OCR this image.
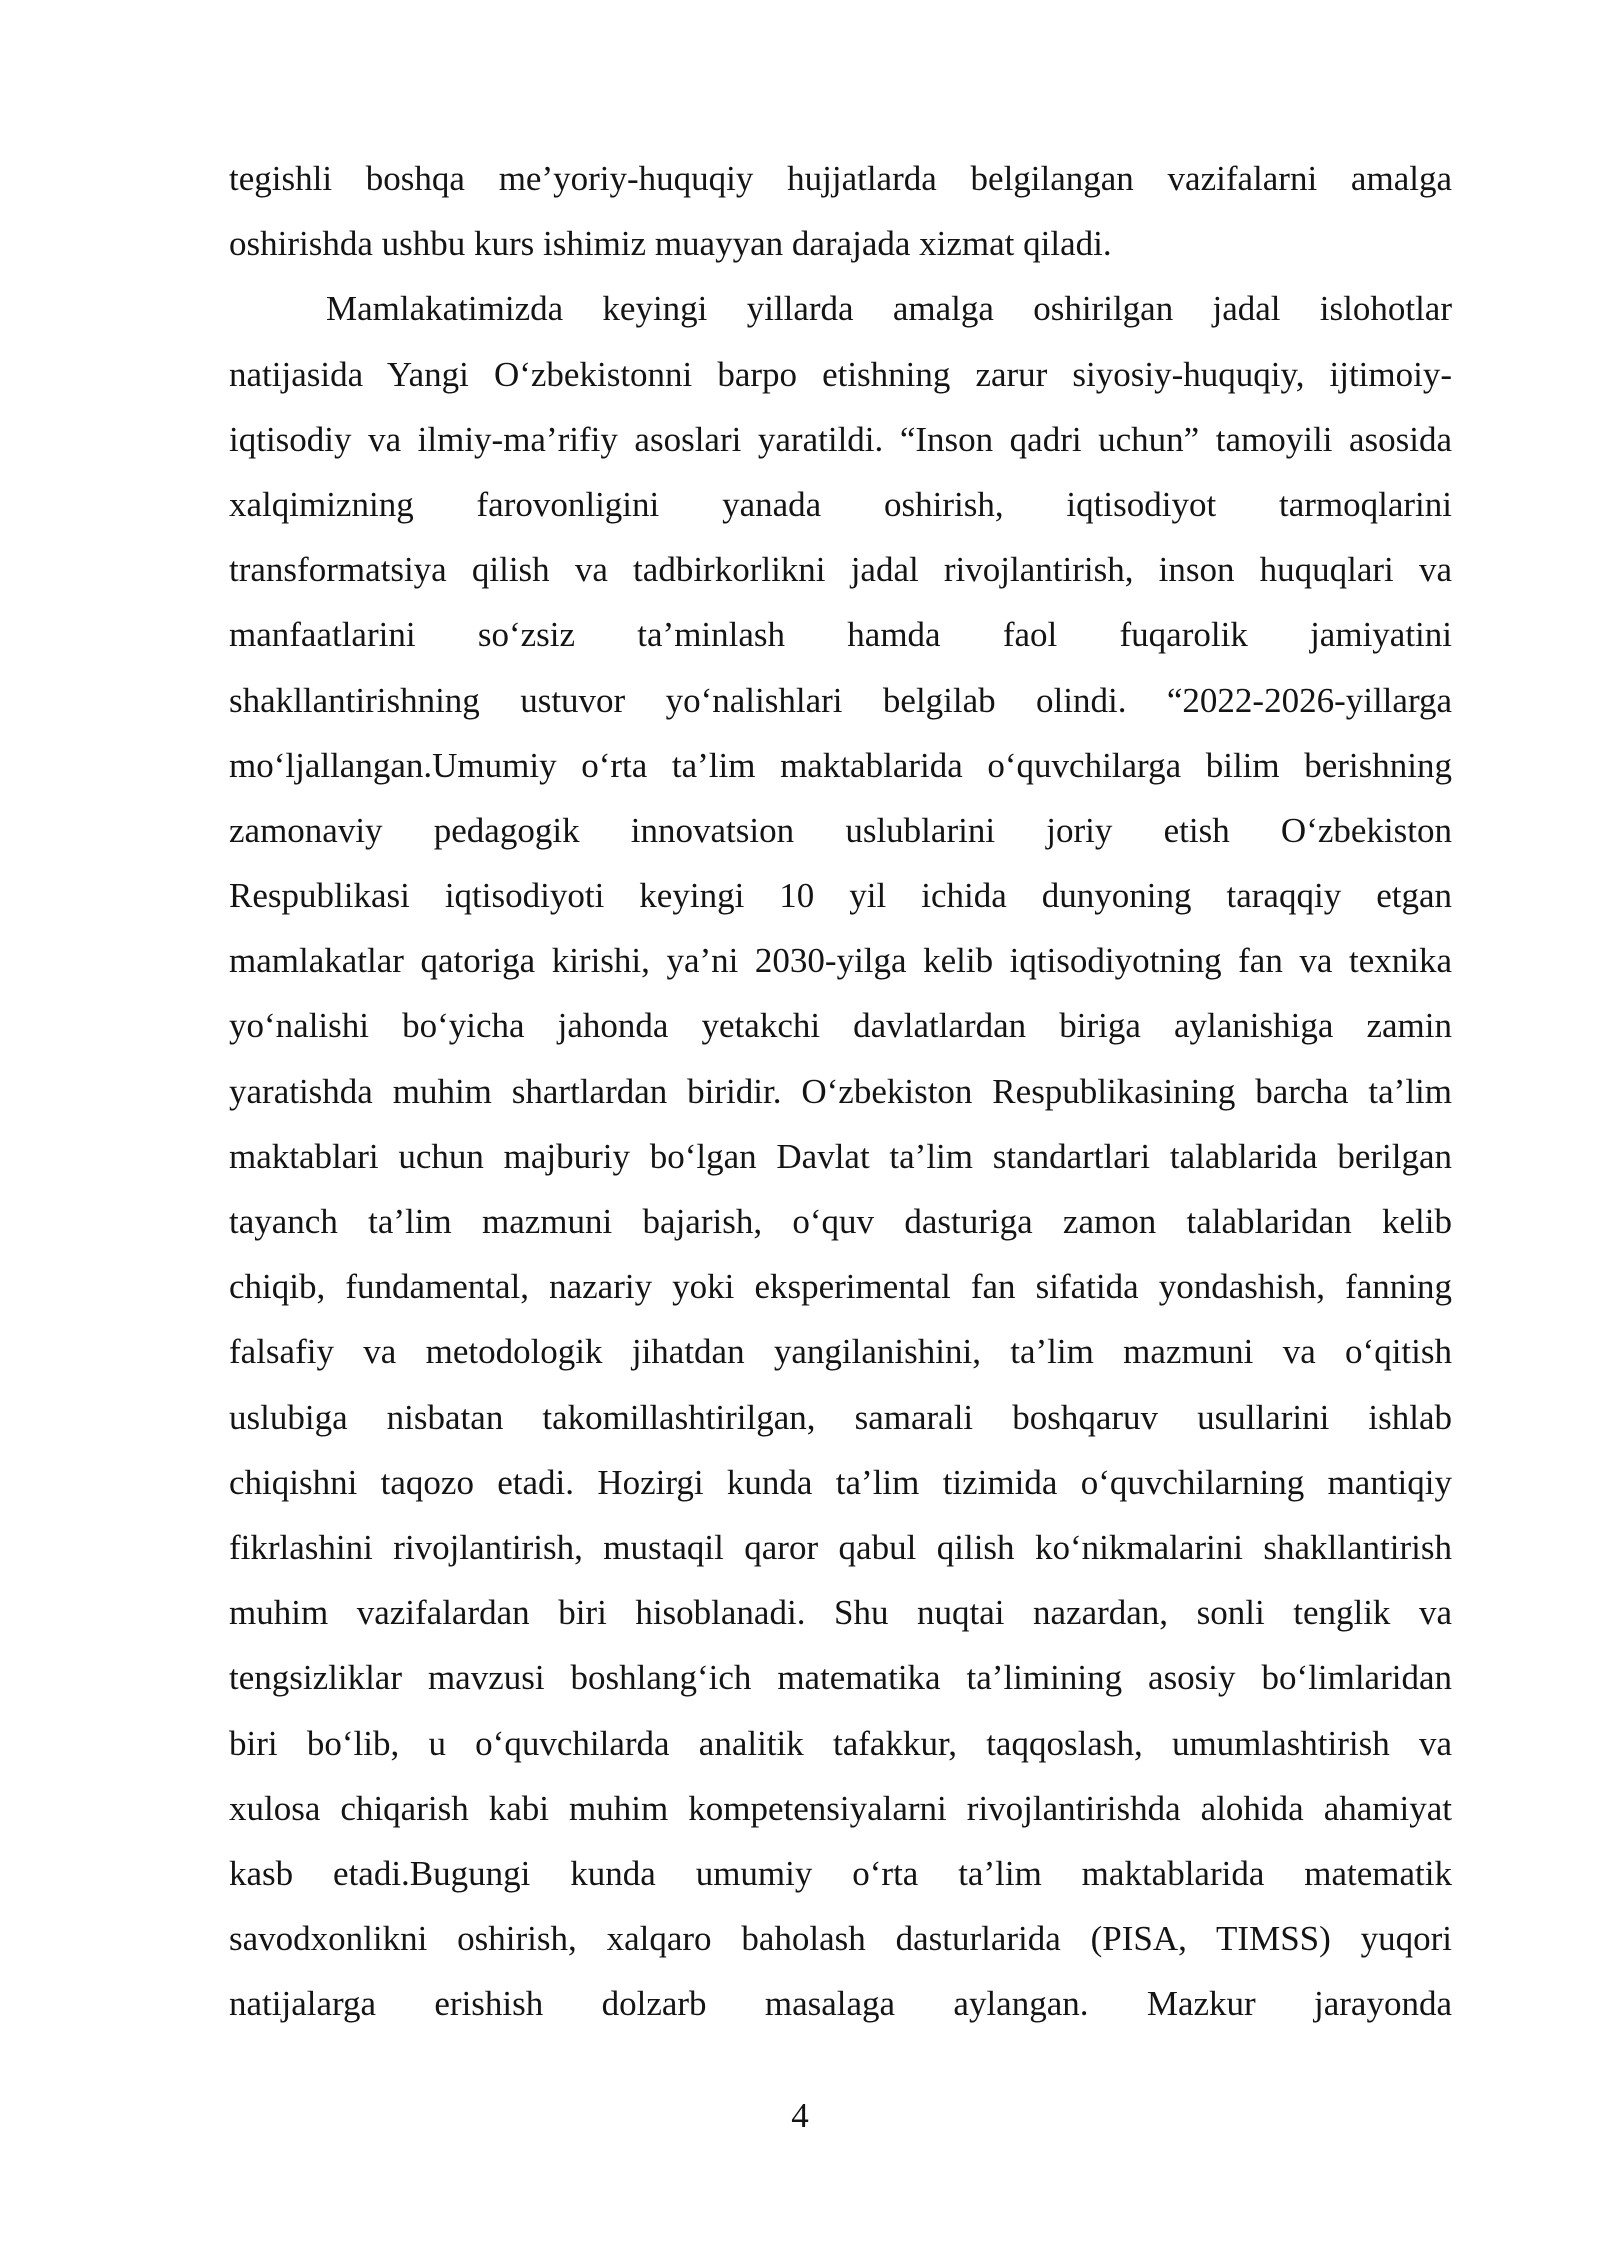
tegishli boshqa me’yoriy-huquqiy hujjatlarda belgilangan vazifalarni amalga
oshirishda ushbu kurs ishimiz muayyan darajada xizmat qiladi.
Mamlakatimizda keyingi yillarda amalga oshirilgan jadal islohotlar
natijasida Yangi O‘zbekistonni barpo etishning zarur siyosiy-huquqiy, ijtimoiy-
iqtisodiy va ilmiy-ma’rifiy asoslari yaratildi. “Inson qadri uchun” tamoyili asosida
xalqimizning farovonligini yanada oshirish, iqtisodiyot tarmoqlarini
transformatsiya qilish va tadbirkorlikni jadal rivojlantirish, inson huquqlari va
manfaatlarini so‘zsiz ta’minlash hamda faol fuqarolik jamiyatini
shakllantirishning ustuvor yo‘nalishlari belgilab olindi. “2022-2026-yillarga
mo‘ljallangan.Umumiy o‘rta ta’lim maktablarida o‘quvchilarga bilim berishning
zamonaviy pedagogik innovatsion uslublarini joriy etish O‘zbekiston
Respublikasi iqtisodiyoti keyingi 10 yil ichida dunyoning taraqqiy etgan
mamlakatlar qatoriga kirishi, ya’ni 2030-yilga kelib iqtisodiyotning fan va texnika
yo‘nalishi bo‘yicha jahonda yetakchi davlatlardan biriga aylanishiga zamin
yaratishda muhim shartlardan biridir. O‘zbekiston Respublikasining barcha ta’lim
maktablari uchun majburiy bo‘lgan Davlat ta’lim standartlari talablarida berilgan
tayanch ta’lim mazmuni bajarish, o‘quv dasturiga zamon talablaridan kelib
chiqib, fundamental, nazariy yoki eksperimental fan sifatida yondashish, fanning
falsafiy va metodologik jihatdan yangilanishini, ta’lim mazmuni va o‘qitish
uslubiga nisbatan takomillashtirilgan, samarali boshqaruv usullarini ishlab
chiqishni taqozo etadi. Hozirgi kunda ta’lim tizimida o‘quvchilarning mantiqiy
fikrlashini rivojlantirish, mustaqil qaror qabul qilish ko‘nikmalarini shakllantirish
muhim vazifalardan biri hisoblanadi. Shu nuqtai nazardan, sonli tenglik va
tengsizliklar mavzusi boshlang‘ich matematika ta’limining asosiy bo‘limlaridan
biri bo‘lib, u o‘quvchilarda analitik tafakkur, taqqoslash, umumlashtirish va
xulosa chiqarish kabi muhim kompetensiyalarni rivojlantirishda alohida ahamiyat
kasb etadi.Bugungi kunda umumiy o‘rta ta’lim maktablarida matematik
savodxonlikni oshirish, xalqaro baholash dasturlarida (PISA, TIMSS) yuqori
natijalarga erishish dolzarb masalaga aylangan. Mazkur jarayonda
4
